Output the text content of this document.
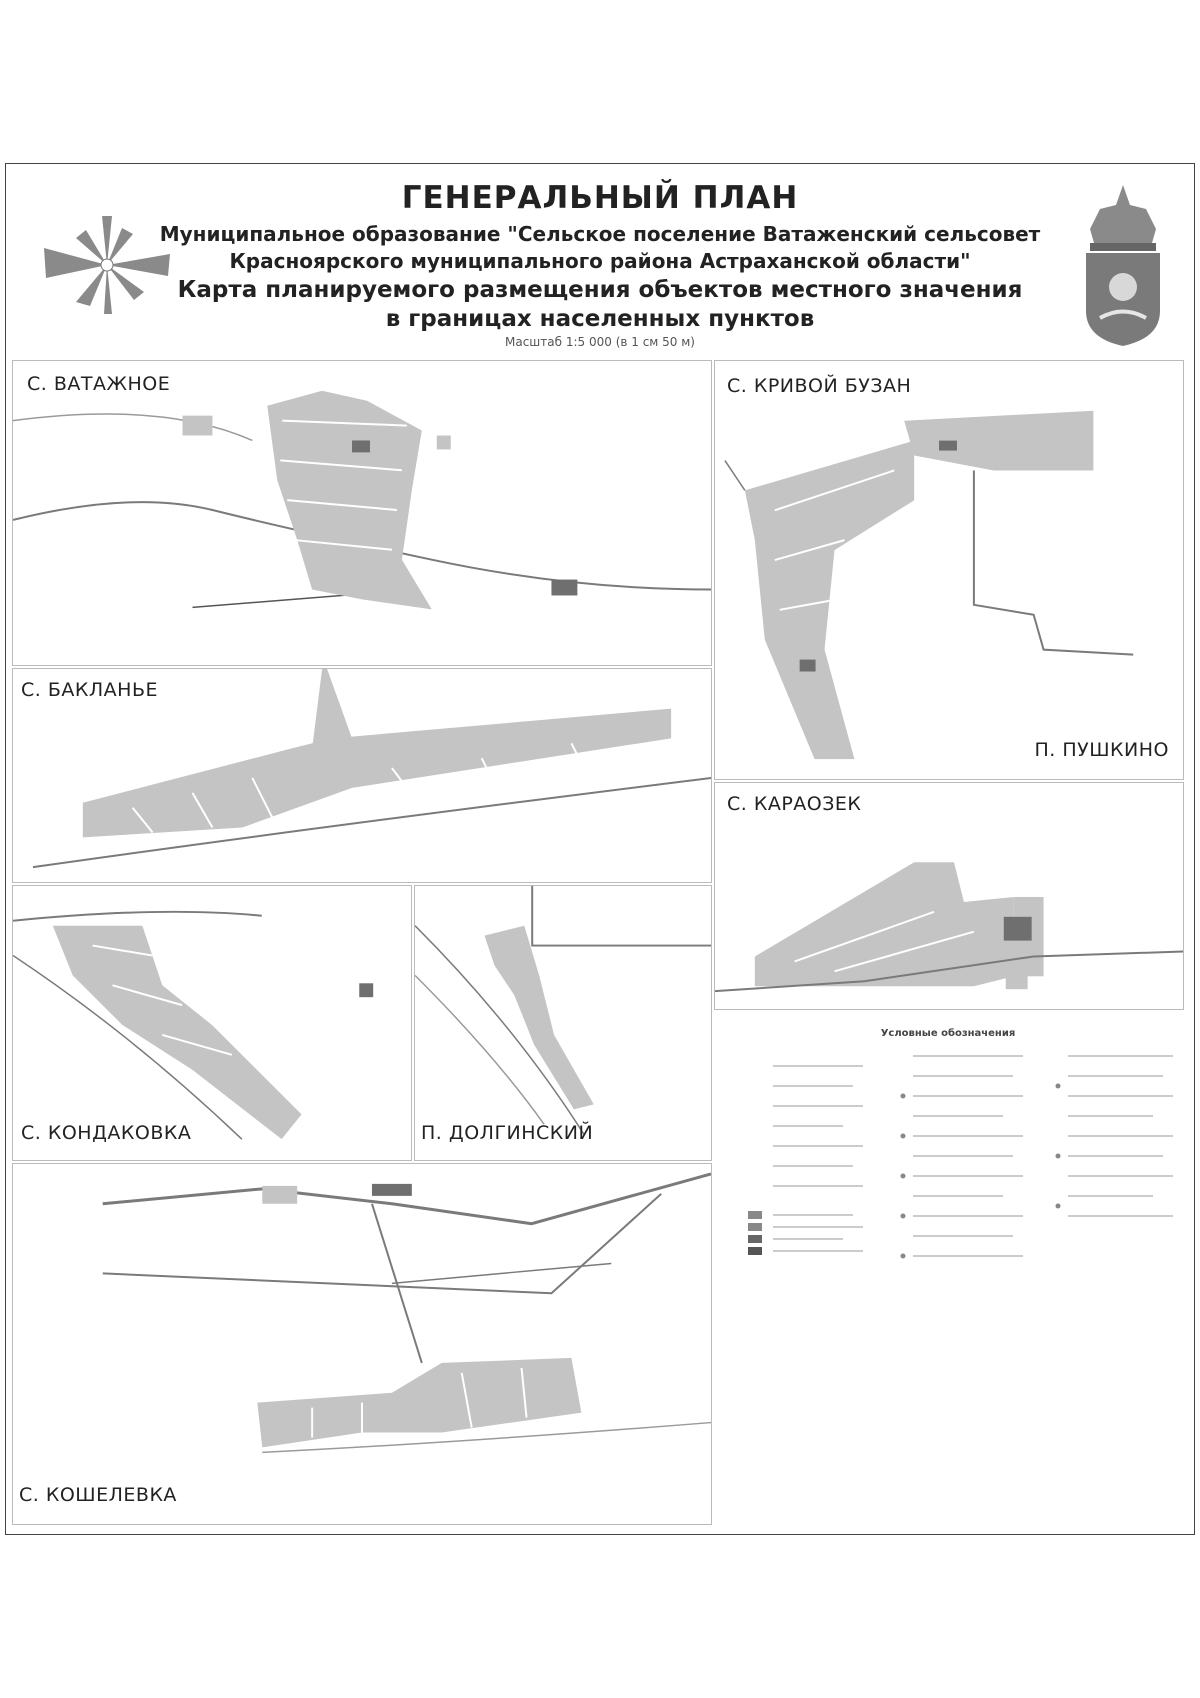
ГЕНЕРАЛЬНЫЙ ПЛАН
Муниципальное образование "Сельское поселение Ватаженский сельсовет
Красноярского муниципального района Астраханской области"
Карта планируемого размещения объектов местного значения
в границах населенных пунктов
Масштаб 1:5 000 (в 1 см 50 м)
С. ВАТАЖНОЕ	С. КРИВОЙ БУЗАН
П. ПУШКИНО
С. БАКЛАНЬЕ
С. КАРАОЗЕК
С. КОНДАКОВКА	П. ДОЛГИНСКИЙ
Условные обозначения
С. КОШЕЛЕВКА
